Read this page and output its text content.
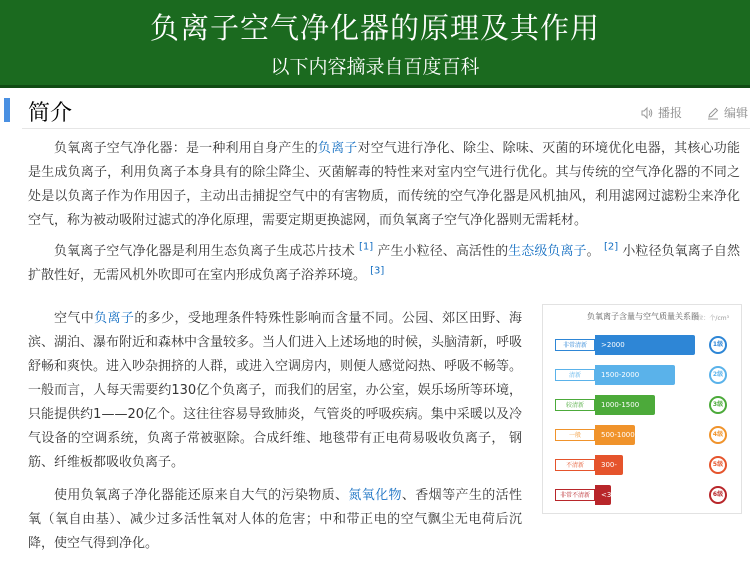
负离子空气净化器的原理及其作用
以下内容摘录自百度百科
简介	播报	编辑

负氧离子空气净化器：是一种利用自身产生的负离子对空气进行净化、除尘、除味、灭菌的环境优化电器，其核心功能是生成负离子，利用负离子本身具有的除尘降尘、灭菌解毒的特性来对室内空气进行优化。其与传统的空气净化器的不同之处是以负离子作为作用因子，主动出击捕捉空气中的有害物质，而传统的空气净化器是风机抽风，利用滤网过滤粉尘来净化空气，称为被动吸附过滤式的净化原理，需要定期更换滤网，而负氧离子空气净化器则无需耗材。

负氧离子空气净化器是利用生态负离子生成芯片技术 [1] 产生小粒径、高活性的生态级负离子。 [2] 小粒径负氧离子自然扩散性好，无需风机外吹即可在室内形成负离子浴养环境。 [3]

空气中负离子的多少，受地理条件特殊性影响而含量不同。公园、郊区田野、海滨、湖泊、瀑布附近和森林中含量较多。当人们进入上述场地的时候，头脑清新，呼吸舒畅和爽快。进入吵杂拥挤的人群，或进入空调房内，则便人感觉闷热、呼吸不畅等。一般而言，人每天需要约130亿个负离子，而我们的居室，办公室，娱乐场所等环境，只能提供约1——20亿个。这往往容易导致肺炎，气管炎的呼吸疾病。集中采暖以及冷气设备的空调系统，负离子常被驱除。合成纤维、地毯带有正电荷易吸收负离子， 钢筋、纤维板都吸收负离子。

使用负氧离子净化器能还原来自大气的污染物质、氮氧化物、香烟等产生的活性氧（氧自由基）、减少过多活性氧对人体的危害；中和带正电的空气飘尘无电荷后沉降，使空气得到净化。

负氧离子含量与空气质量关系图
单位：个/cm³
非常清新	>2000	1级
清新	1500-2000	2级
较清新	1000-1500	3级
一般	500-1000	4级
不清新	300-	5级
非常不清新	<300	6级
